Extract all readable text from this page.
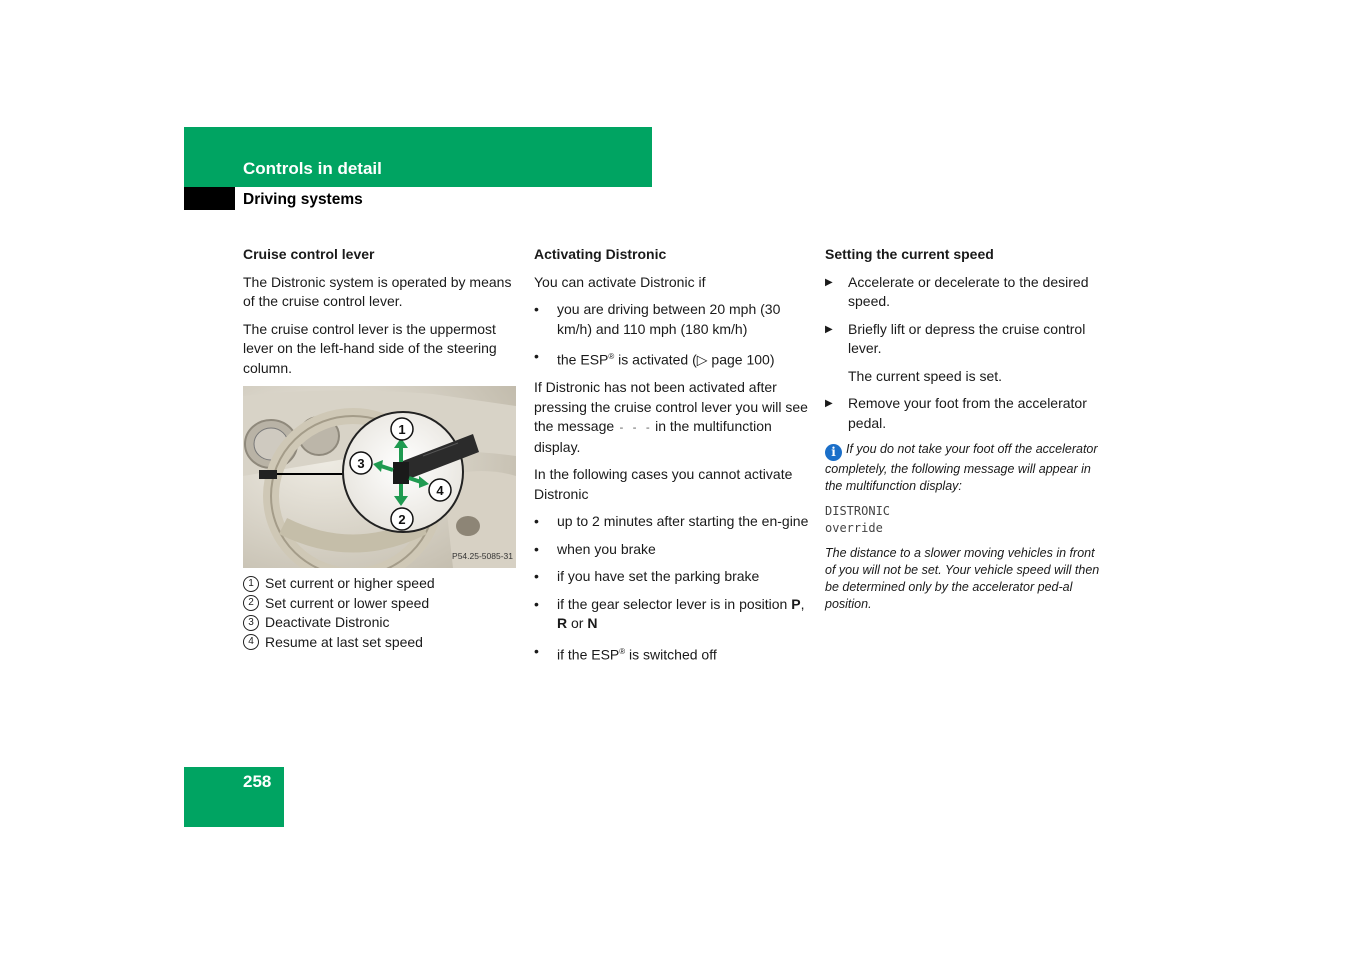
Controls in detail
Driving systems
Cruise control lever

The Distronic system is operated by means of the cruise control lever.

The cruise control lever is the uppermost lever on the left-hand side of the steering column.

1
2
3
4
P54.25-5085-31
1 Set current or higher speed
2 Set current or lower speed
3 Deactivate Distronic
4 Resume at last set speed
Activating Distronic

You can activate Distronic if

• you are driving between 20 mph (30 km/h) and 110 mph (180 km/h)
• the ESP® is activated (▷ page 100)

If Distronic has not been activated after pressing the cruise control lever you will see the message - - - in the multifunction display.

In the following cases you cannot activate Distronic

• up to 2 minutes after starting the en-gine
• when you brake
• if you have set the parking brake
• if the gear selector lever is in position P, R or N
• if the ESP® is switched off
Setting the current speed
▶ Accelerate or decelerate to the desired speed.
▶ Briefly lift or depress the cruise control lever.

The current speed is set.

▶ Remove your foot from the accelerator pedal.
i If you do not take your foot off the accelerator completely, the following message will appear in the multifunction display:
DISTRONIC
override
The distance to a slower moving vehicles in front of you will not be set. Your vehicle speed will then be determined only by the accelerator ped-al position.
258
